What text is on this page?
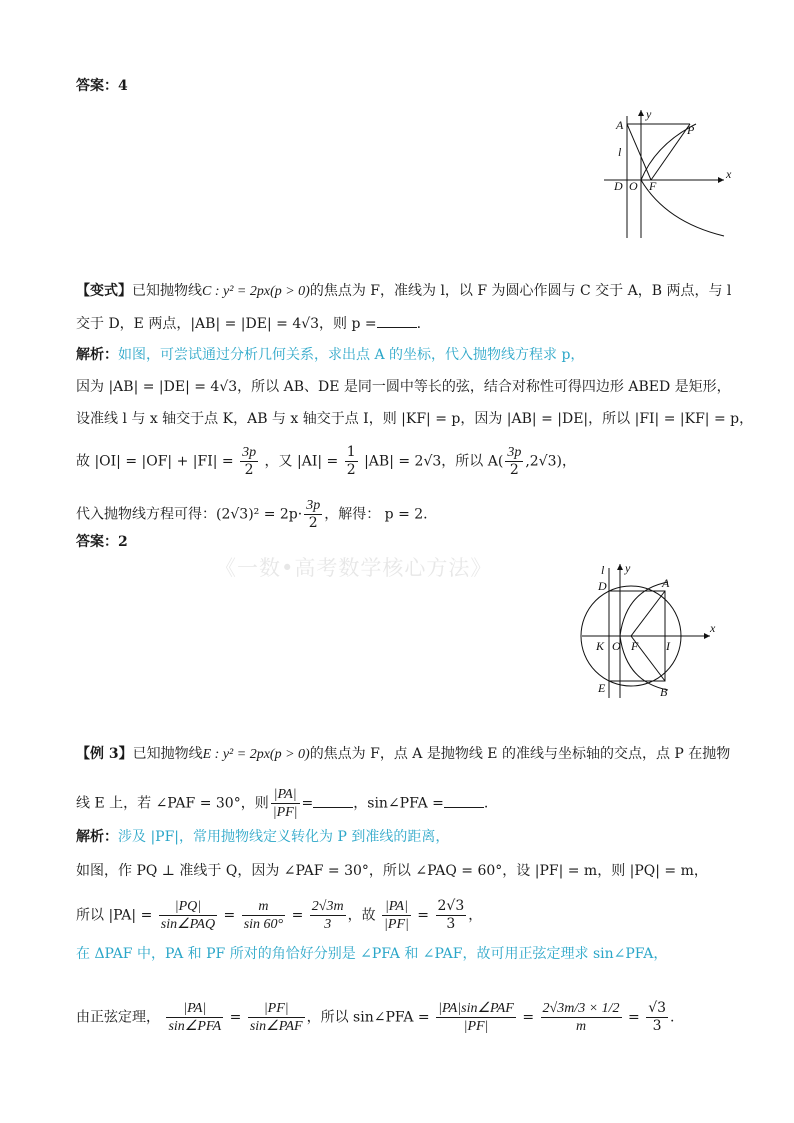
答案：4
y
x
A	P
l
D O F
【变式】已知抛物线C : y² = 2px(p > 0)的焦点为 F，准线为 l，以 F 为圆心作圆与 C 交于 A，B 两点，与 l
交于 D，E 两点，|AB| = |DE| = 4√3，则 p =	.
解析：如图，可尝试通过分析几何关系，求出点 A 的坐标，代入抛物线方程求 p，
因为 |AB| = |DE| = 4√3，所以 AB、DE 是同一圆中等长的弦，结合对称性可得四边形 ABED 是矩形，
设准线 l 与 x 轴交于点 K，AB 与 x 轴交于点 I，则 |KF| = p，因为 |AB| = |DE|，所以 |FI| = |KF| = p，
故 $|OI| = |OF| + |FI| = \frac{3p}{2}$ ，又 $|AI| = \frac{1}{2} |AB| = 2√3$，所以 $A( \frac{3p}{2} ,2√3)$，
代入抛物线方程可得：$(2√3)^2 = 2p\cdot \frac{3p}{2}$ ，解得： p = 2.
答案：2
《一数•高考数学核心方法》	l y
x
D	A
K O F I
E	B
【例 3】已知抛物线E : y² = 2px(p > 0)的焦点为 F，点 A 是抛物线 E 的准线与坐标轴的交点，点 P 在抛物
线 E 上，若 ∠PAF = 30°，则 $\frac{|PA|}{|PF|}$ =	，sin∠PFA =	.
解析：涉及 |PF|，常用抛物线定义转化为 P 到准线的距离，
如图，作 PQ ⊥ 准线于 Q，因为 ∠PAF = 30°，所以 ∠PAQ = 60°，设 |PF| = m，则 |PQ| = m，
所以 $|PA| = \frac{|PQ|}{\text{sin∠PAQ}} = \frac{m}{\sin 60^\circ} = \frac{2√3m}{3}$ ，故 $\frac{|PA|}{|PF|} = \frac{2√3}{3}$ ，
在 ΔPAF 中，PA 和 PF 所对的角恰好分别是 ∠PFA 和 ∠PAF，故可用正弦定理求 sin∠PFA，
由正弦定理， $\frac{|PA|}{\text{sin∠PFA}} = \frac{|PF|}{\text{sin∠PAF}}$ ，所以 sin∠PFA = $\frac{\text{|PA|sin∠PAF}}{|PF|} = \frac{2√3m/3 \times 1/2}{m} = \frac{√3}{3}$ .
